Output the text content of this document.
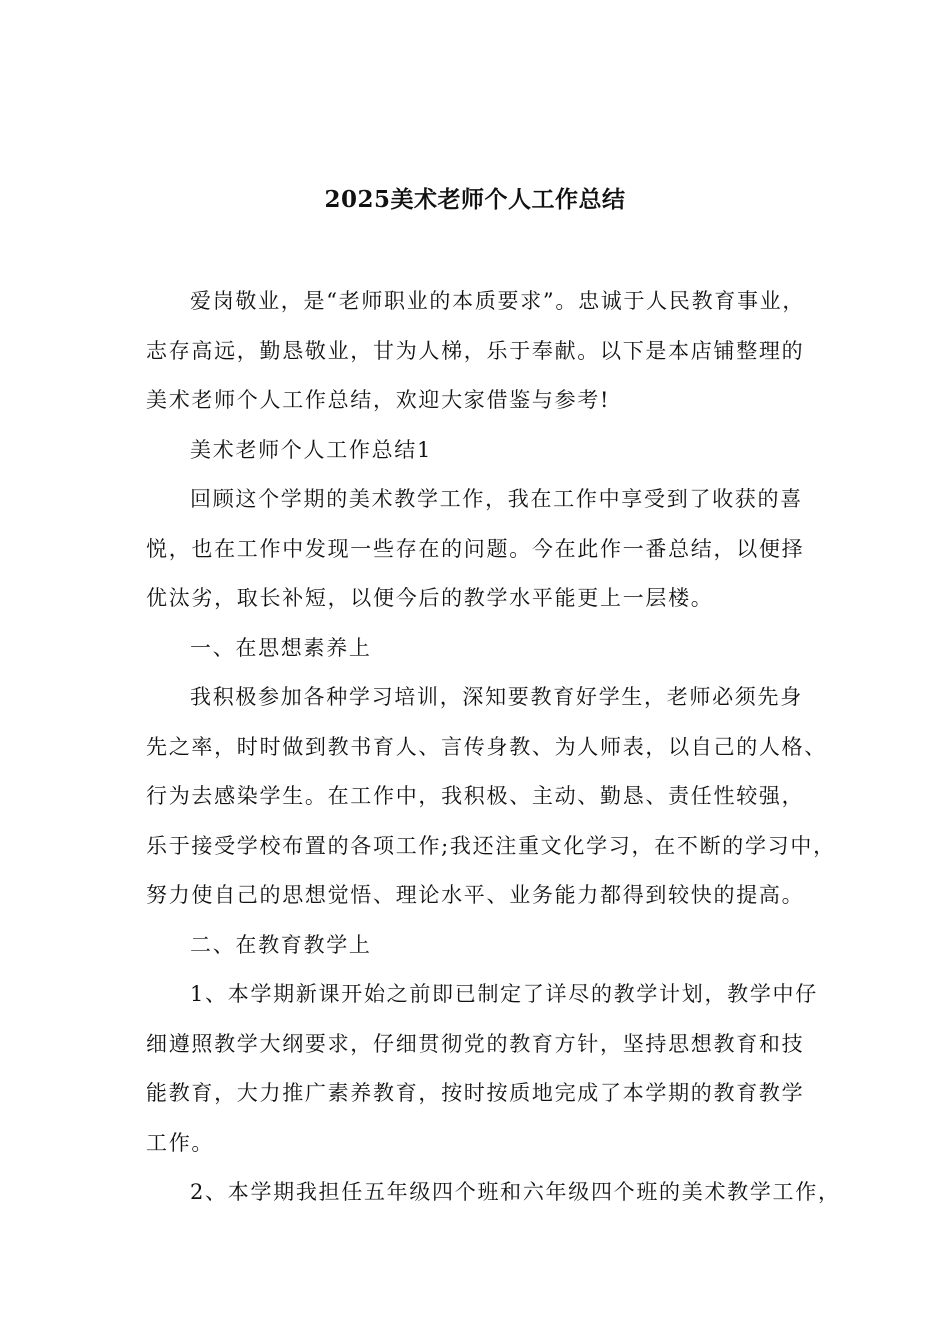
2025美术老师个人工作总结
爱岗敬业，是“老师职业的本质要求”。忠诚于人民教育事业，
志存高远，勤恳敬业，甘为人梯，乐于奉献。以下是本店铺整理的
美术老师个人工作总结，欢迎大家借鉴与参考!
美术老师个人工作总结1
回顾这个学期的美术教学工作，我在工作中享受到了收获的喜
悦，也在工作中发现一些存在的问题。今在此作一番总结，以便择
优汰劣，取长补短，以便今后的教学水平能更上一层楼。
一、在思想素养上
我积极参加各种学习培训，深知要教育好学生，老师必须先身
先之率，时时做到教书育人、言传身教、为人师表，以自己的人格、
行为去感染学生。在工作中，我积极、主动、勤恳、责任性较强，
乐于接受学校布置的各项工作;我还注重文化学习，在不断的学习中，
努力使自己的思想觉悟、理论水平、业务能力都得到较快的提高。
二、在教育教学上
1、本学期新课开始之前即已制定了详尽的教学计划，教学中仔
细遵照教学大纲要求，仔细贯彻党的教育方针，坚持思想教育和技
能教育，大力推广素养教育，按时按质地完成了本学期的教育教学
工作。
2、本学期我担任五年级四个班和六年级四个班的美术教学工作，
